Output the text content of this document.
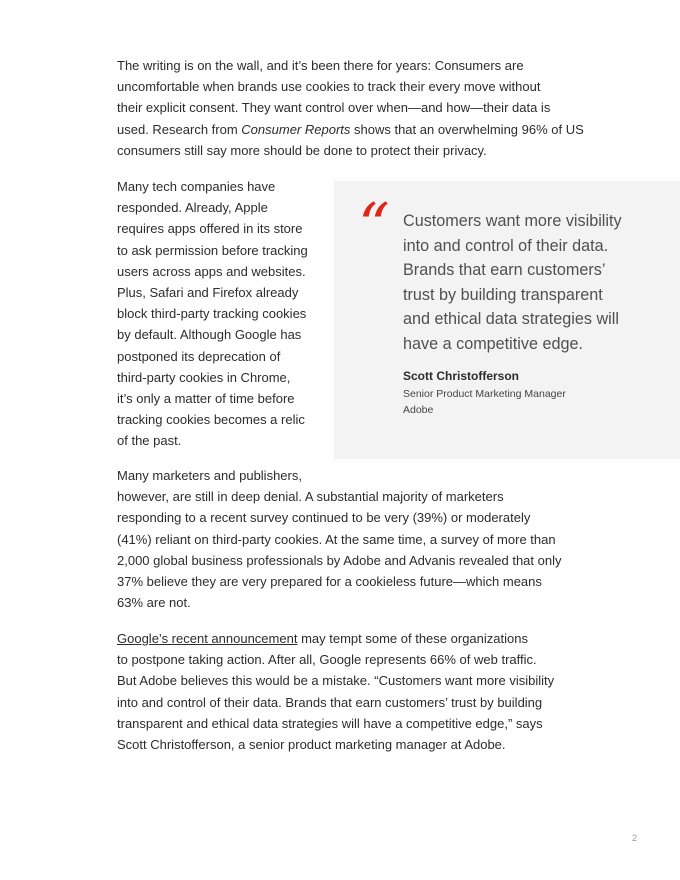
The writing is on the wall, and it’s been there for years: Consumers are
uncomfortable when brands use cookies to track their every move without
their explicit consent. They want control over when—and how—their data is
used. Research from Consumer Reports shows that an overwhelming 96% of US
consumers still say more should be done to protect their privacy.

Many tech companies have
responded. Already, Apple
requires apps offered in its store
to ask permission before tracking
users across apps and websites.
Plus, Safari and Firefox already
block third-party tracking cookies
by default. Although Google has
postponed its deprecation of
third-party cookies in Chrome,
it’s only a matter of time before
tracking cookies becomes a relic
of the past.

“ Customers want more visibility
into and control of their data.
Brands that earn customers’
trust by building transparent
and ethical data strategies will
have a competitive edge.

Scott Christofferson
Senior Product Marketing Manager
Adobe

Many marketers and publishers,
however, are still in deep denial. A substantial majority of marketers
responding to a recent survey continued to be very (39%) or moderately
(41%) reliant on third-party cookies. At the same time, a survey of more than
2,000 global business professionals by Adobe and Advanis revealed that only
37% believe they are very prepared for a cookieless future—which means
63% are not.

Google’s recent announcement may tempt some of these organizations
to postpone taking action. After all, Google represents 66% of web traffic.
But Adobe believes this would be a mistake. “Customers want more visibility
into and control of their data. Brands that earn customers’ trust by building
transparent and ethical data strategies will have a competitive edge,” says
Scott Christofferson, a senior product marketing manager at Adobe.

2
